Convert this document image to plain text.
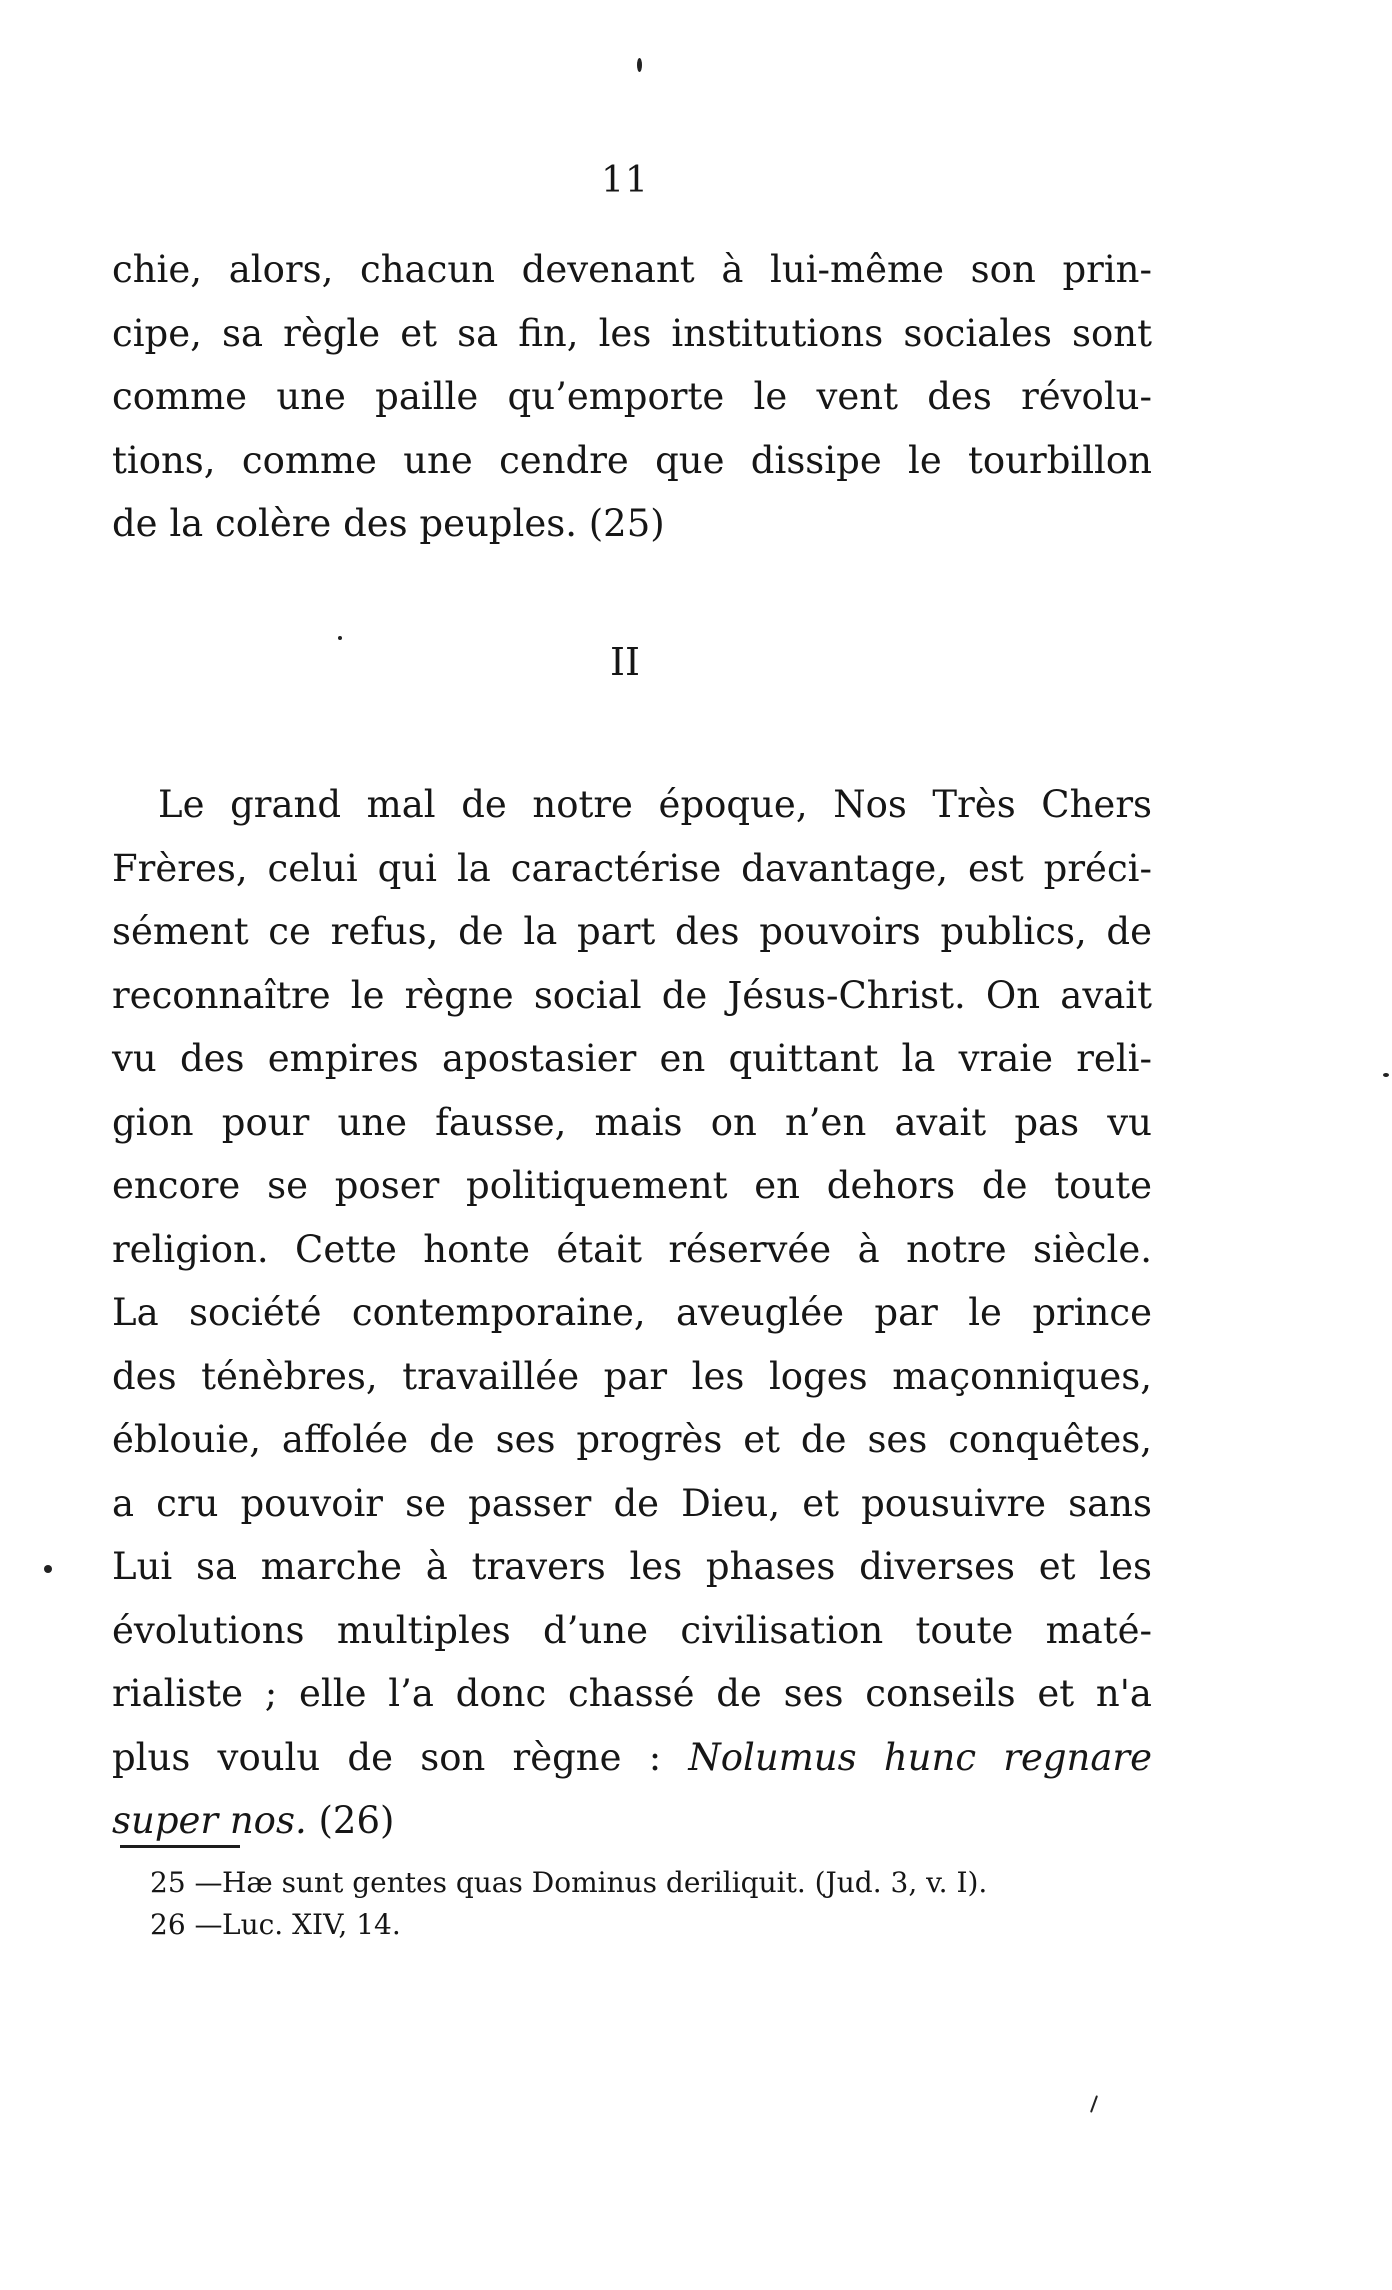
11
chie, alors, chacun devenant à lui-même son prin-
cipe, sa règle et sa fin, les institutions sociales sont
comme une paille qu’emporte le vent des révolu-
tions, comme une cendre que dissipe le tourbillon
de la colère des peuples. (25)
II
Le grand mal de notre époque, Nos Très Chers
Frères, celui qui la caractérise davantage, est préci-
sément ce refus, de la part des pouvoirs publics, de
reconnaître le règne social de Jésus-Christ. On avait
vu des empires apostasier en quittant la vraie reli-
gion pour une fausse, mais on n’en avait pas vu
encore se poser politiquement en dehors de toute
religion. Cette honte était réservée à notre siècle.
La société contemporaine, aveuglée par le prince
des ténèbres, travaillée par les loges maçonniques,
éblouie, affolée de ses progrès et de ses conquêtes,
a cru pouvoir se passer de Dieu, et pousuivre sans
Lui sa marche à travers les phases diverses et les
évolutions multiples d’une civilisation toute maté-
rialiste ; elle l’a donc chassé de ses conseils et n'a
plus voulu de son règne : Nolumus hunc regnare
super nos. (26)
25 —Hæ sunt gentes quas Dominus deriliquit. (Jud. 3, v. I).
26 —Luc. XIV, 14.
